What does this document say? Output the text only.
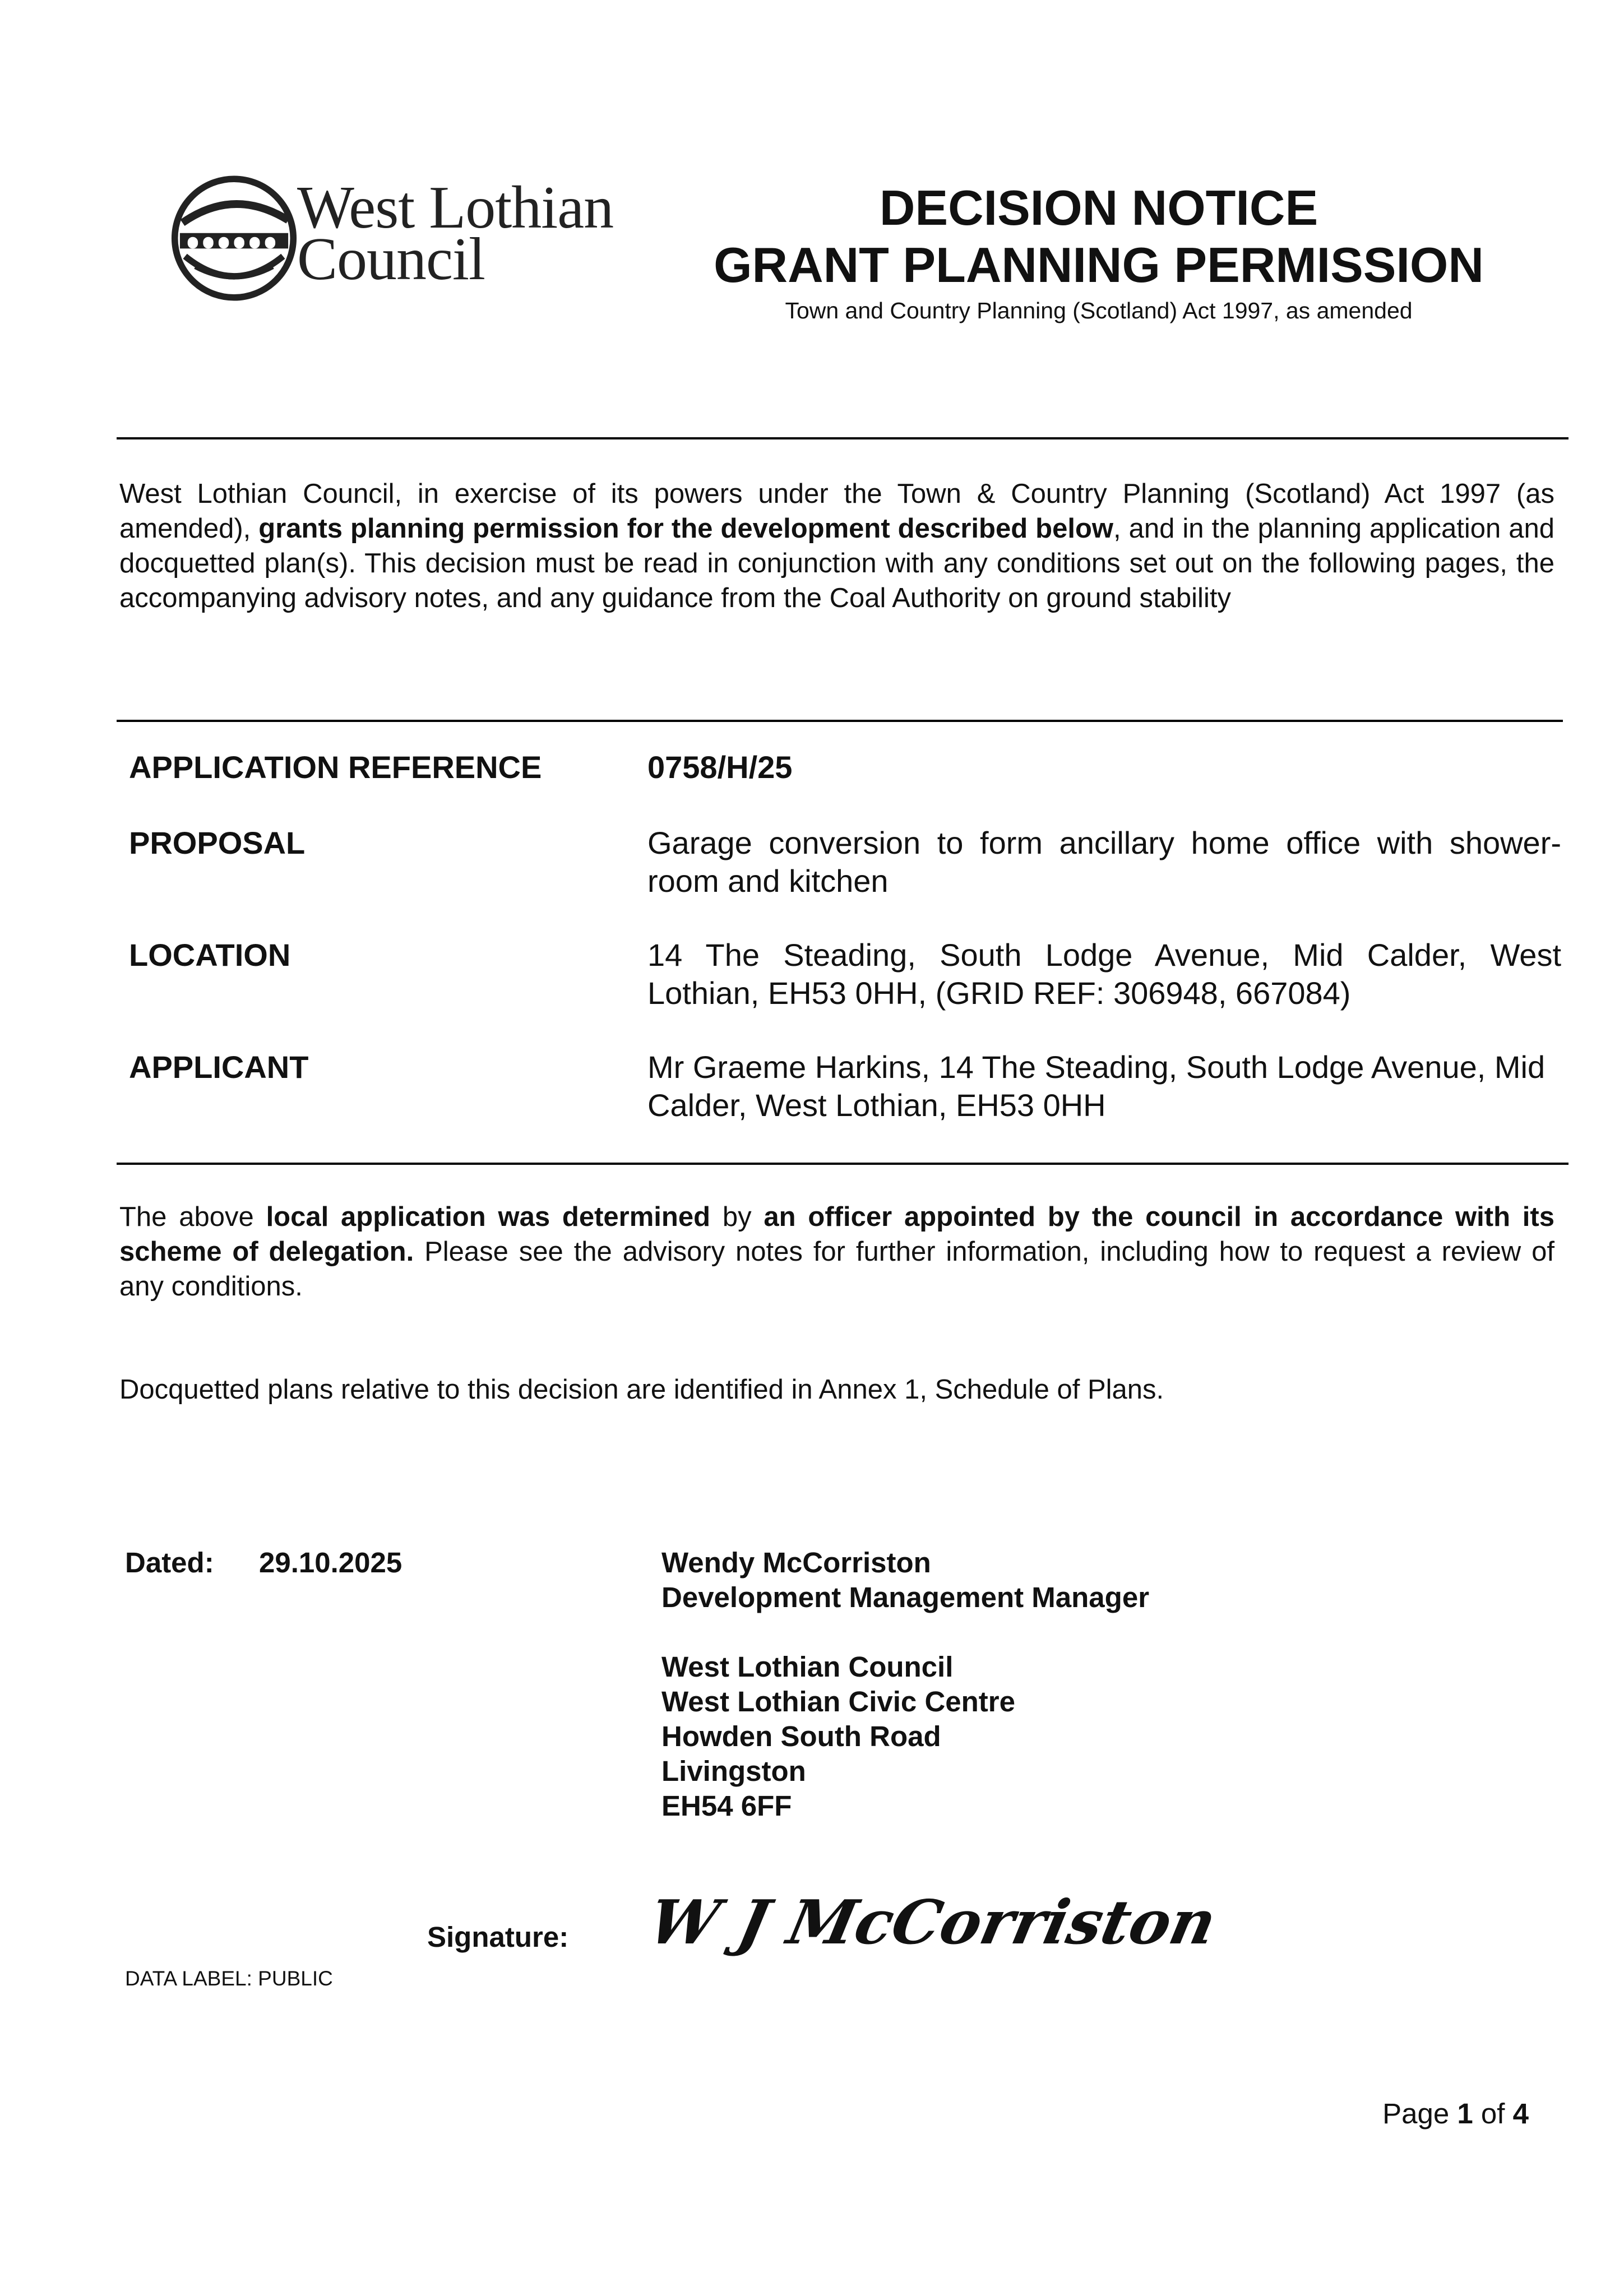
West Lothian
Council
DECISION NOTICE
GRANT PLANNING PERMISSION
Town and Country Planning (Scotland) Act 1997, as amended
West Lothian Council, in exercise of its powers under the Town & Country Planning (Scotland) Act 1997 (as amended), grants planning permission for the development described below, and in the planning application and docquetted plan(s). This decision must be read in conjunction with any conditions set out on the following pages, the accompanying advisory notes, and any guidance from the Coal Authority on ground stability
APPLICATION REFERENCE	0758/H/25
PROPOSAL	Garage conversion to form ancillary home office with shower-room and kitchen
LOCATION	14 The Steading, South Lodge Avenue, Mid Calder, West Lothian, EH53 0HH, (GRID REF: 306948, 667084)
APPLICANT	Mr Graeme Harkins, 14 The Steading, South Lodge Avenue, Mid Calder, West Lothian, EH53 0HH
The above local application was determined by an officer appointed by the council in accordance with its scheme of delegation. Please see the advisory notes for further information, including how to request a review of any conditions.
Docquetted plans relative to this decision are identified in Annex 1, Schedule of Plans.
Dated: 29.10.2025	Wendy McCorriston
Development Management Manager
West Lothian Council
West Lothian Civic Centre
Howden South Road
Livingston
EH54 6FF
Signature: W J McCorriston
DATA LABEL: PUBLIC
Page 1 of 4
